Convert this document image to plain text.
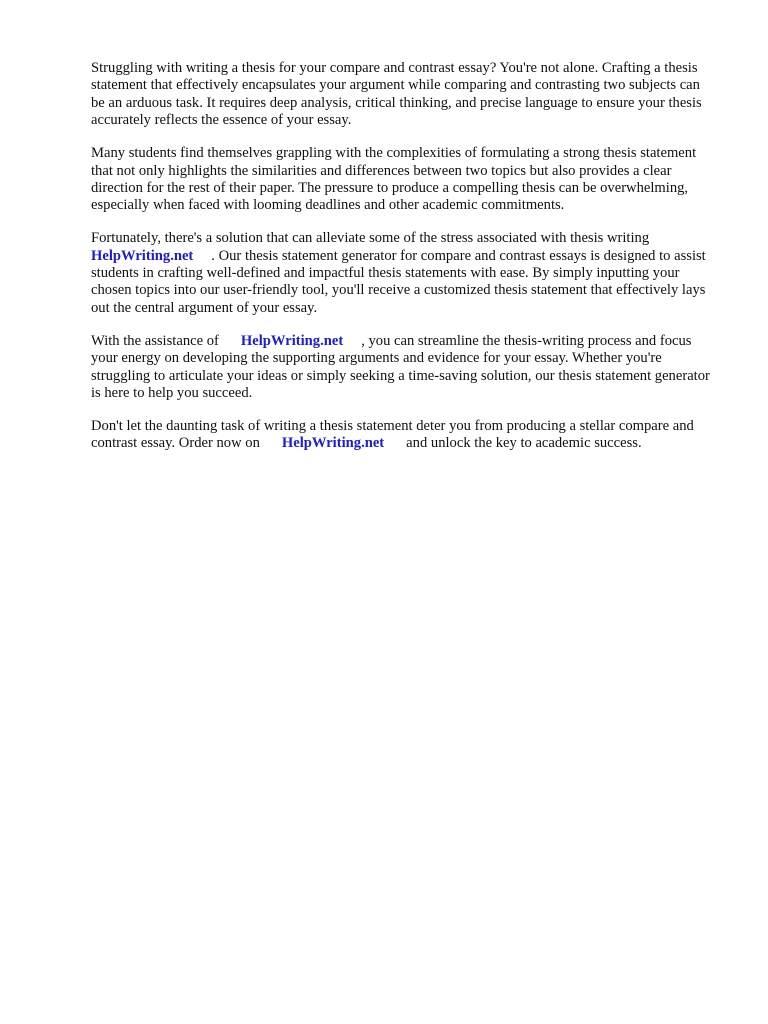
Struggling with writing a thesis for your compare and contrast essay? You're not alone. Crafting a thesis statement that effectively encapsulates your argument while comparing and contrasting two subjects can be an arduous task. It requires deep analysis, critical thinking, and precise language to ensure your thesis accurately reflects the essence of your essay.

Many students find themselves grappling with the complexities of formulating a strong thesis statement that not only highlights the similarities and differences between two topics but also provides a clear direction for the rest of their paper. The pressure to produce a compelling thesis can be overwhelming, especially when faced with looming deadlines and other academic commitments.

Fortunately, there's a solution that can alleviate some of the stress associated with thesis writing HelpWriting.net . Our thesis statement generator for compare and contrast essays is designed to assist students in crafting well-defined and impactful thesis statements with ease. By simply inputting your chosen topics into our user-friendly tool, you'll receive a customized thesis statement that effectively lays out the central argument of your essay.

With the assistance of HelpWriting.net , you can streamline the thesis-writing process and focus your energy on developing the supporting arguments and evidence for your essay. Whether you're struggling to articulate your ideas or simply seeking a time-saving solution, our thesis statement generator is here to help you succeed.

Don't let the daunting task of writing a thesis statement deter you from producing a stellar compare and contrast essay. Order now on HelpWriting.net and unlock the key to academic success.
